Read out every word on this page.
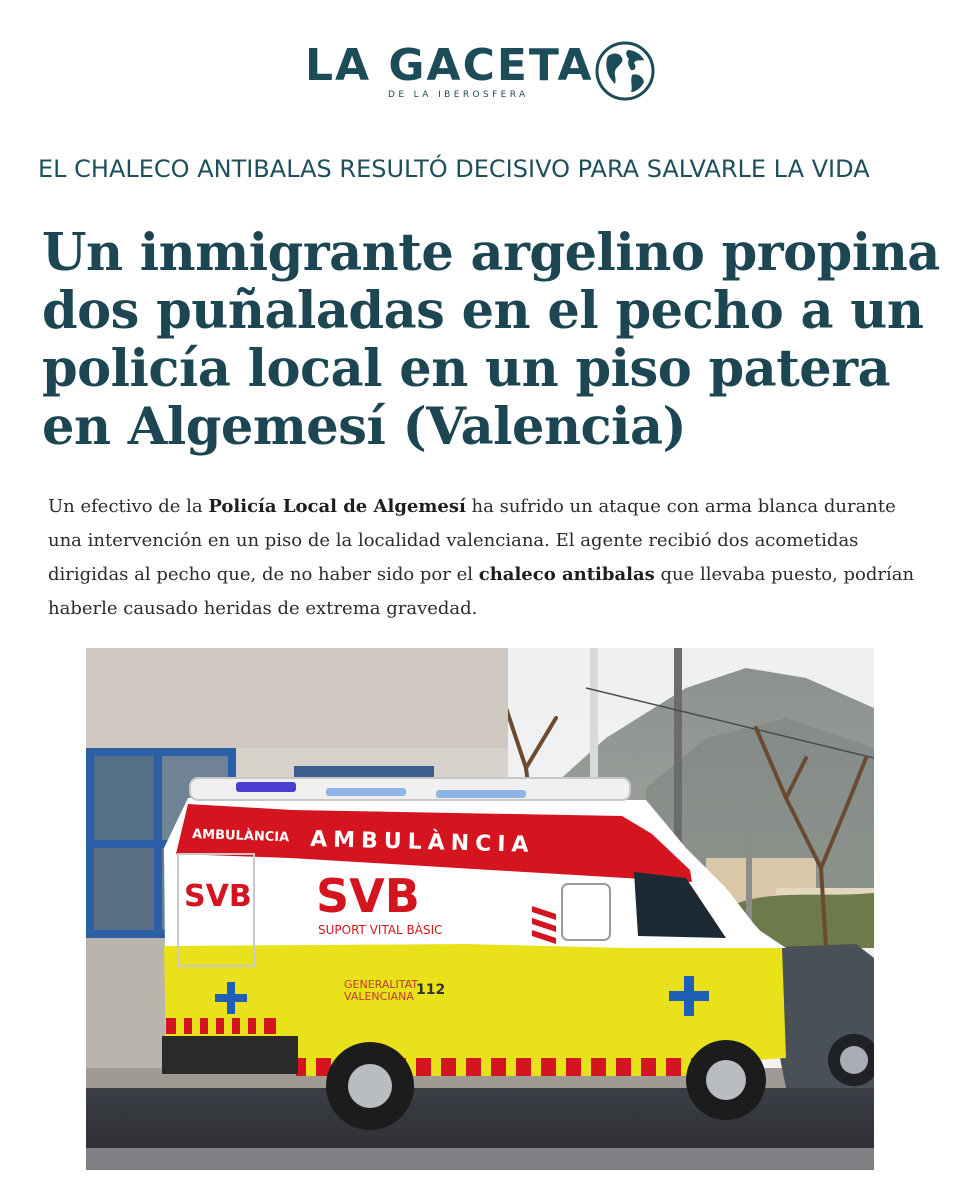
LA GACETA
DE LA IBEROSFERA
EL CHALECO ANTIBALAS RESULTÓ DECISIVO PARA SALVARLE LA VIDA
Un inmigrante argelino propina dos puñaladas en el pecho a un policía local en un piso patera en Algemesí (Valencia)

Un efectivo de la Policía Local de Algemesí ha sufrido un ataque con arma blanca durante una intervención en un piso de la localidad valenciana. El agente recibió dos acometidas dirigidas al pecho que, de no haber sido por el chaleco antibalas que llevaba puesto, podrían haberle causado heridas de extrema gravedad.

AMBULÀNCIA
AMBULÀNCIA
SVB
SUPORT VITAL BÀSIC
SVB
GENERALITAT
VALENCIANA 112
